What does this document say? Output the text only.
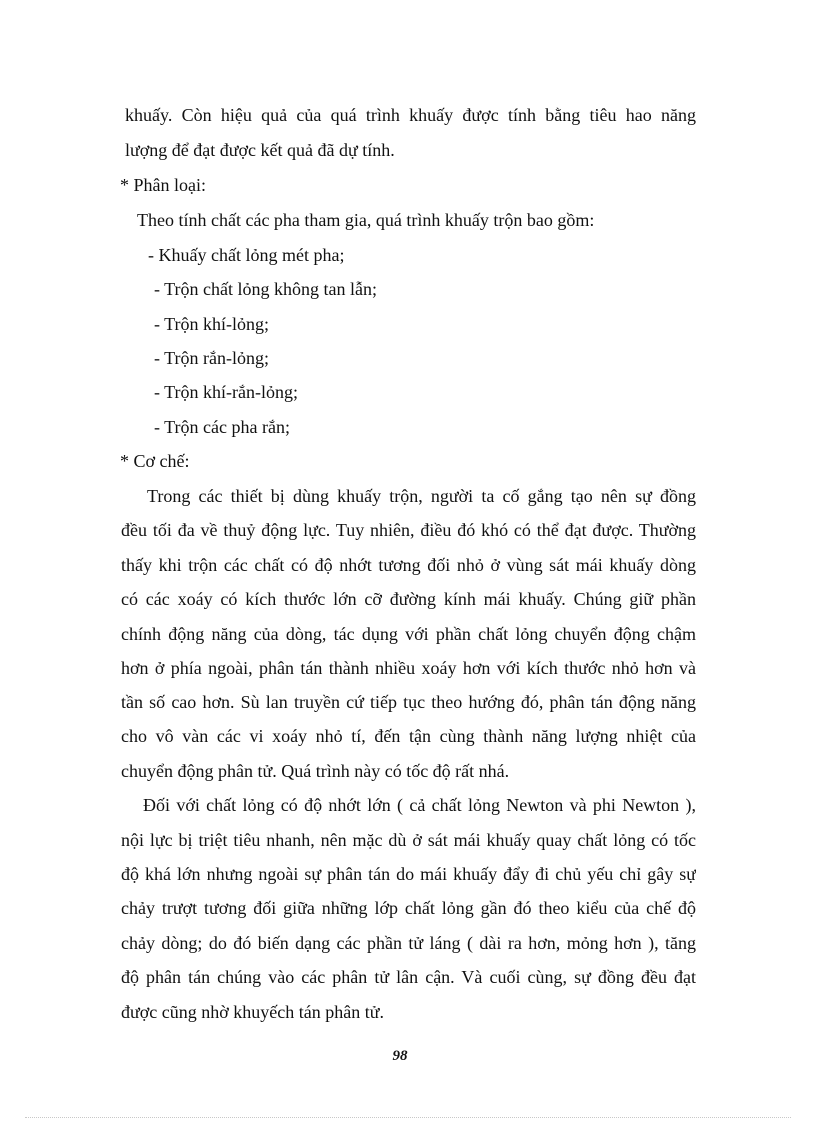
khuấy. Còn hiệu quả của quá trình khuấy được tính bằng tiêu hao năng
lượng để đạt được kết quả đã dự tính.
* Phân loại:
Theo tính chất các pha tham gia, quá trình khuấy trộn bao gồm:
- Khuấy chất lỏng mét pha;
- Trộn chất lỏng không tan lẫn;
- Trộn khí-lỏng;
- Trộn rắn-lỏng;
- Trộn khí-rắn-lỏng;
- Trộn các pha rắn;
* Cơ chế:
Trong các thiết bị dùng khuấy trộn, người ta cố gắng tạo nên sự đồng
đều tối đa về thuỷ động lực. Tuy nhiên, điều đó khó có thể đạt được. Thường
thấy khi trộn các chất có độ nhớt tương đối nhỏ ở vùng sát mái khuấy dòng
có các xoáy có kích thước lớn cỡ đường kính mái khuấy. Chúng giữ phần
chính động năng của dòng, tác dụng với phần chất lỏng chuyển động chậm
hơn ở phía ngoài, phân tán thành nhiều xoáy hơn với kích thước nhỏ hơn và
tần số cao hơn. Sù lan truyền cứ tiếp tục theo hướng đó, phân tán động năng
cho vô vàn các vi xoáy nhỏ tí, đến tận cùng thành năng lượng nhiệt của
chuyển động phân tử. Quá trình này có tốc độ rất nhá.
Đối với chất lỏng có độ nhớt lớn ( cả chất lỏng Newton và phi Newton ),
nội lực bị triệt tiêu nhanh, nên mặc dù ở sát mái khuấy quay chất lỏng có tốc
độ khá lớn nhưng ngoài sự phân tán do mái khuấy đẩy đi chủ yếu chỉ gây sự
chảy trượt tương đối giữa những lớp chất lỏng gần đó theo kiểu của chế độ
chảy dòng; do đó biến dạng các phần tử láng ( dài ra hơn, mỏng hơn ), tăng
độ phân tán chúng vào các phân tử lân cận. Và cuối cùng, sự đồng đều đạt
được cũng nhờ khuyếch tán phân tử.
98
